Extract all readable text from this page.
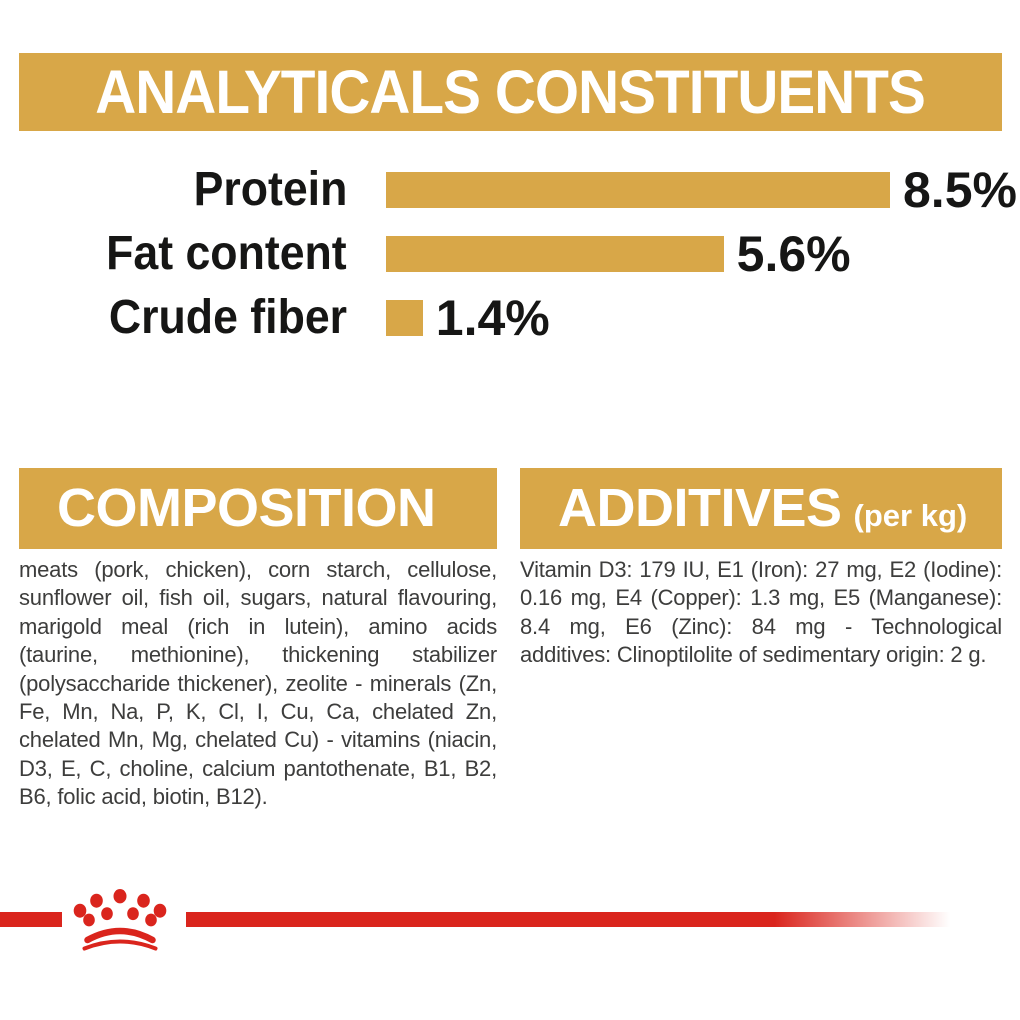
ANALYTICALS CONSTITUENTS
Protein	8.5%
Fat content	5.6%
Crude fiber 1.4%
COMPOSITION
meats (pork, chicken), corn starch, cellulose, sunflower oil, fish oil, sugars, natural flavouring, marigold meal (rich in lutein), amino acids (taurine, methionine), thickening stabilizer (polysaccharide thickener), zeolite - minerals (Zn, Fe, Mn, Na, P, K, Cl, I, Cu, Ca, chelated Zn, chelated Mn, Mg, chelated Cu) - vitamins (niacin, D3, E, C, choline, calcium pantothenate, B1, B2, B6, folic acid, biotin, B12).
ADDITIVES (per kg)
Vitamin D3: 179 IU, E1 (Iron): 27 mg, E2 (Iodine): 0.16 mg, E4 (Copper): 1.3 mg, E5 (Manganese): 8.4 mg, E6 (Zinc): 84 mg - Technological additives: Clinoptilolite of sedimentary origin: 2 g.
